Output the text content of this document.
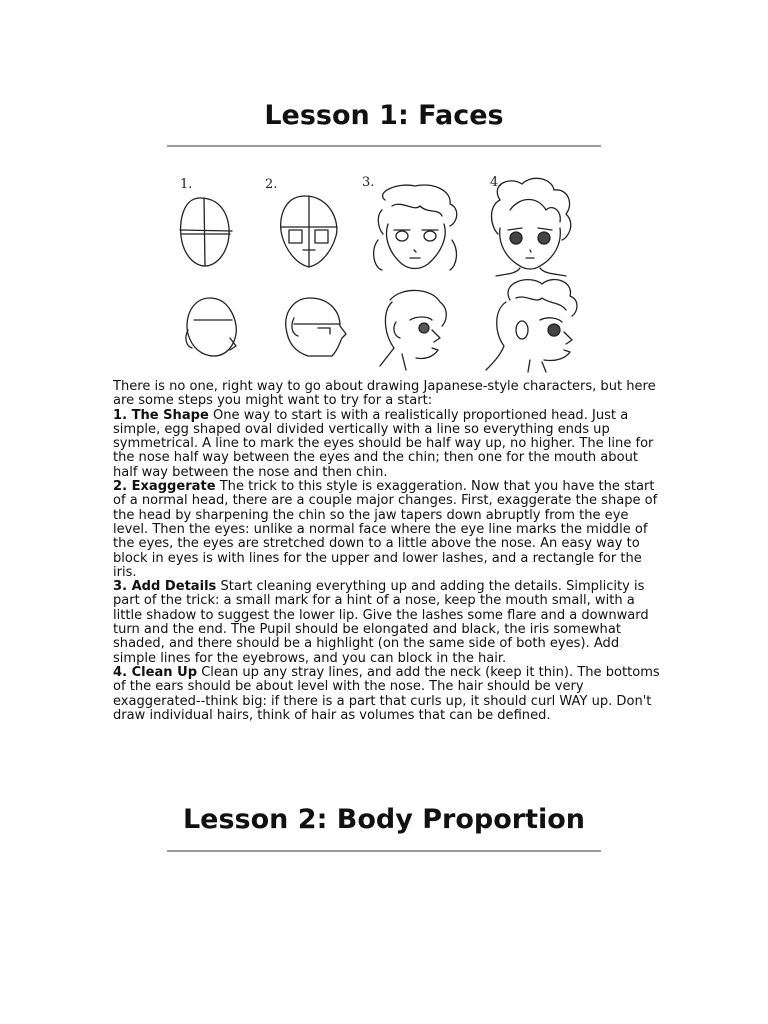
Lesson 1: Faces
1.	2.	3.	4.

There is no one, right way to go about drawing Japanese-style characters, but here are some steps you might want to try for a start:

1. The Shape One way to start is with a realistically proportioned head. Just a simple, egg shaped oval divided vertically with a line so everything ends up symmetrical. A line to mark the eyes should be half way up, no higher. The line for the nose half way between the eyes and the chin; then one for the mouth about half way between the nose and then chin.

2. Exaggerate The trick to this style is exaggeration. Now that you have the start of a normal head, there are a couple major changes. First, exaggerate the shape of the head by sharpening the chin so the jaw tapers down abruptly from the eye level. Then the eyes: unlike a normal face where the eye line marks the middle of the eyes, the eyes are stretched down to a little above the nose. An easy way to block in eyes is with lines for the upper and lower lashes, and a rectangle for the iris.

3. Add Details Start cleaning everything up and adding the details. Simplicity is part of the trick: a small mark for a hint of a nose, keep the mouth small, with a little shadow to suggest the lower lip. Give the lashes some flare and a downward turn and the end. The Pupil should be elongated and black, the iris somewhat shaded, and there should be a highlight (on the same side of both eyes). Add simple lines for the eyebrows, and you can block in the hair.

4. Clean Up Clean up any stray lines, and add the neck (keep it thin). The bottoms of the ears should be about level with the nose. The hair should be very exaggerated--think big: if there is a part that curls up, it should curl WAY up. Don't draw individual hairs, think of hair as volumes that can be defined.

Lesson 2: Body Proportion
